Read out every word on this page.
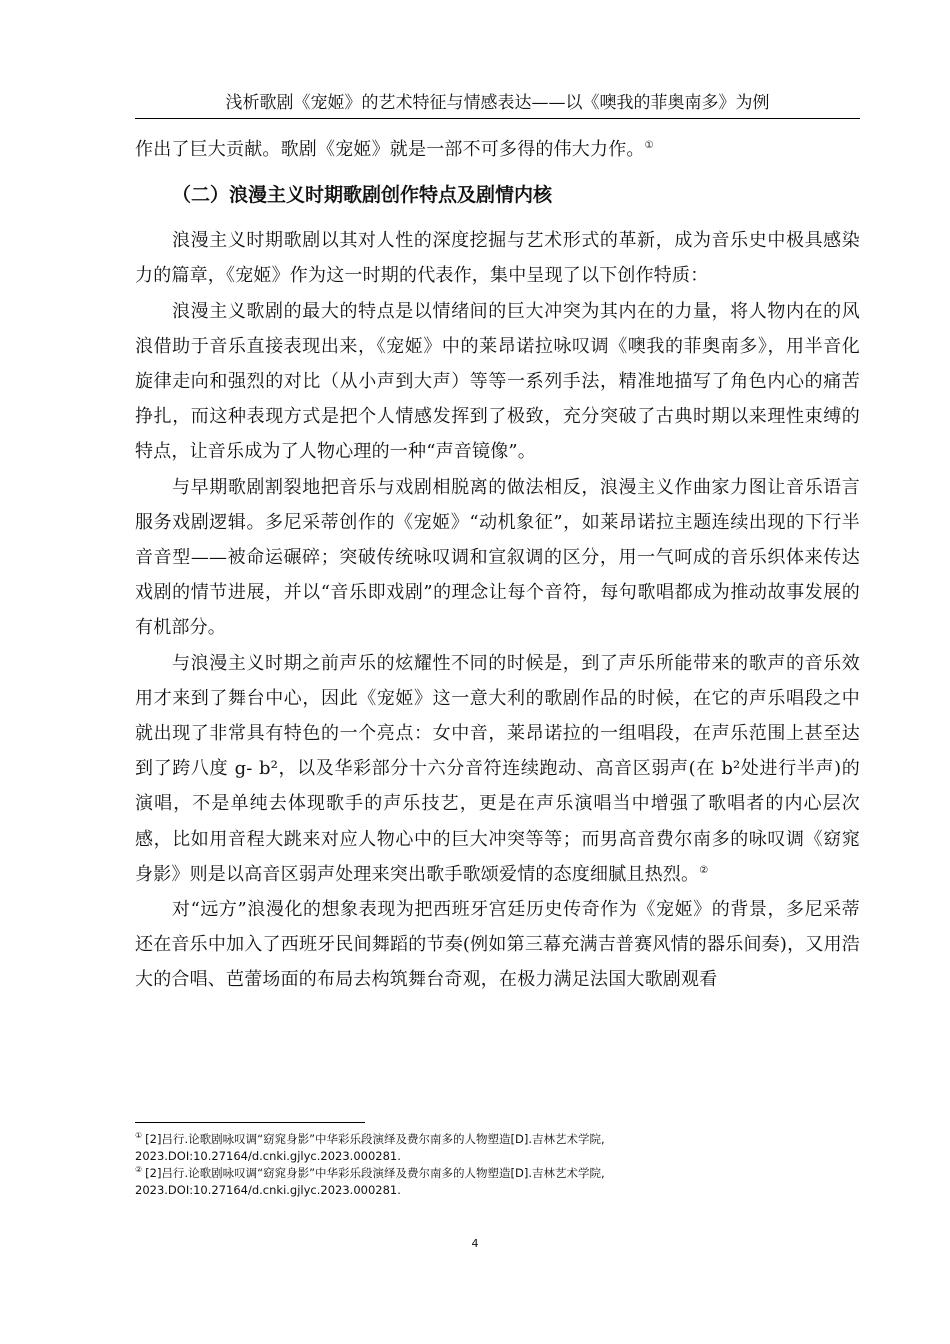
浅析歌剧《宠姬》的艺术特征与情感表达——以《噢我的菲奥南多》为例

作出了巨大贡献。歌剧《宠姬》就是一部不可多得的伟大力作。①

（二）浪漫主义时期歌剧创作特点及剧情内核

浪漫主义时期歌剧以其对人性的深度挖掘与艺术形式的革新，成为音乐史中极具感染力的篇章，《宠姬》作为这一时期的代表作，集中呈现了以下创作特质：

浪漫主义歌剧的最大的特点是以情绪间的巨大冲突为其内在的力量，将人物内在的风浪借助于音乐直接表现出来，《宠姬》中的莱昂诺拉咏叹调《噢我的菲奥南多》，用半音化旋律走向和强烈的对比（从小声到大声）等等一系列手法，精准地描写了角色内心的痛苦挣扎，而这种表现方式是把个人情感发挥到了极致，充分突破了古典时期以来理性束缚的特点，让音乐成为了人物心理的一种“声音镜像”。

与早期歌剧割裂地把音乐与戏剧相脱离的做法相反，浪漫主义作曲家力图让音乐语言服务戏剧逻辑。多尼采蒂创作的《宠姬》“动机象征”，如莱昂诺拉主题连续出现的下行半音音型——被命运碾碎；突破传统咏叹调和宣叙调的区分，用一气呵成的音乐织体来传达戏剧的情节进展，并以“音乐即戏剧”的理念让每个音符，每句歌唱都成为推动故事发展的有机部分。

与浪漫主义时期之前声乐的炫耀性不同的时候是，到了声乐所能带来的歌声的音乐效用才来到了舞台中心，因此《宠姬》这一意大利的歌剧作品的时候，在它的声乐唱段之中就出现了非常具有特色的一个亮点：女中音，莱昂诺拉的一组唱段，在声乐范围上甚至达到了跨八度 g- b²，以及华彩部分十六分音符连续跑动、高音区弱声(在 b²处进行半声)的演唱，不是单纯去体现歌手的声乐技艺，更是在声乐演唱当中增强了歌唱者的内心层次感，比如用音程大跳来对应人物心中的巨大冲突等等；而男高音费尔南多的咏叹调《窈窕身影》则是以高音区弱声处理来突出歌手歌颂爱情的态度细腻且热烈。②

对“远方”浪漫化的想象表现为把西班牙宫廷历史传奇作为《宠姬》的背景，多尼采蒂还在音乐中加入了西班牙民间舞蹈的节奏(例如第三幕充满吉普赛风情的器乐间奏)，又用浩大的合唱、芭蕾场面的布局去构筑舞台奇观，在极力满足法国大歌剧观看

① [2]吕行.论歌剧咏叹调“窈窕身影”中华彩乐段演绎及费尔南多的人物塑造[D].吉林艺术学院,
2023.DOI:10.27164/d.cnki.gjlyc.2023.000281.

② [2]吕行.论歌剧咏叹调“窈窕身影”中华彩乐段演绎及费尔南多的人物塑造[D].吉林艺术学院,
2023.DOI:10.27164/d.cnki.gjlyc.2023.000281.

4
